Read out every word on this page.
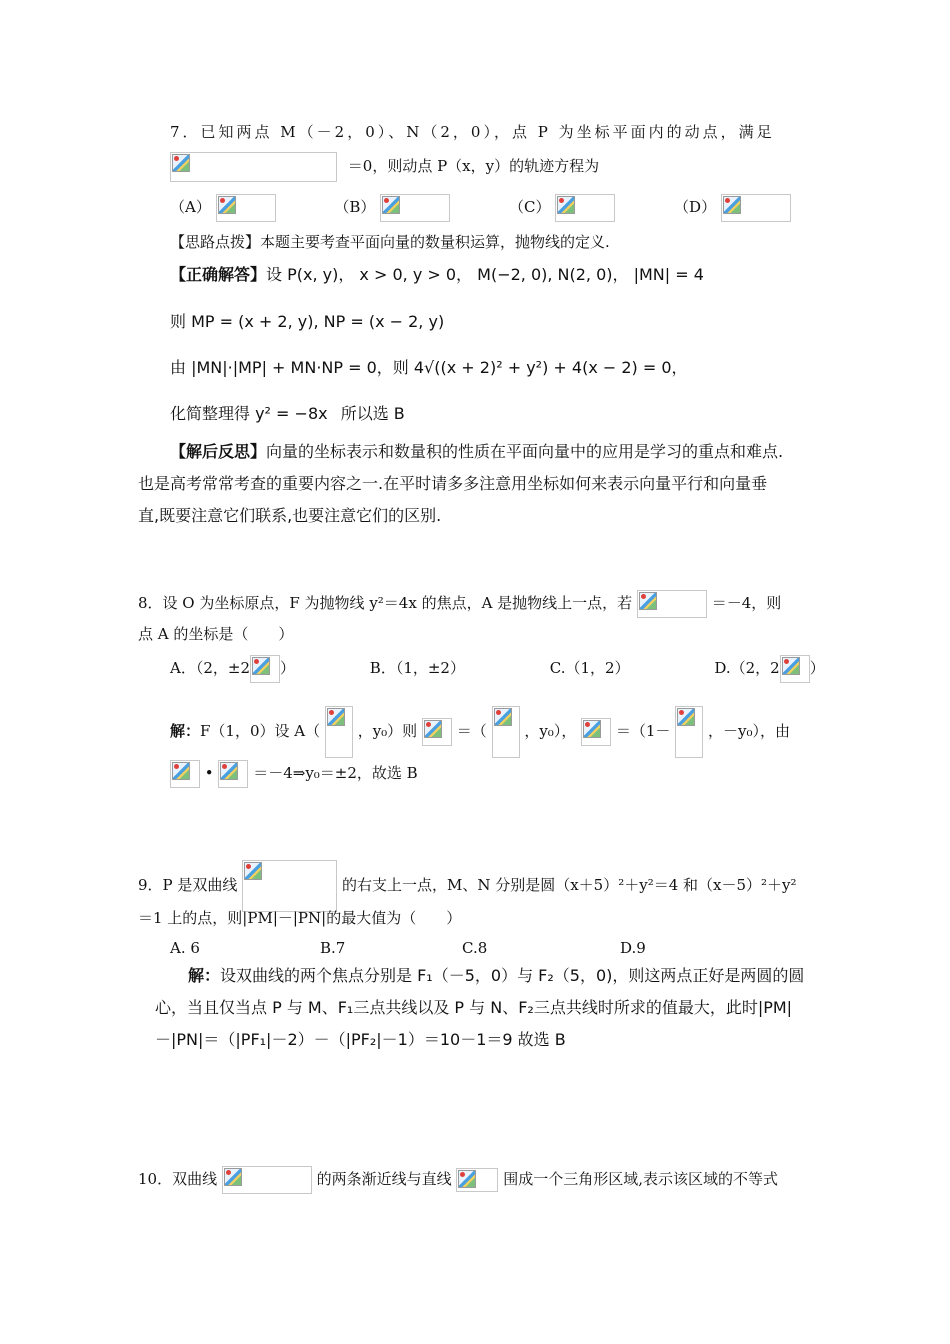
7．已知两点 M（－2，0）、N（2，0），点 P 为坐标平面内的动点，满足
＝0，则动点 P（x，y）的轨迹方程为
（A）	（B）	（C）	（D）
【思路点拨】本题主要考查平面向量的数量积运算，抛物线的定义.
【正确解答】设 P(x, y)， x > 0, y > 0， M(−2, 0), N(2, 0)， |MN| = 4
则 MP = (x + 2, y), NP = (x − 2, y)
由 |MN|·|MP| + MN·NP = 0，则 4√((x + 2)² + y²) + 4(x − 2) = 0，
化简整理得 y² = −8x 所以选 B
【解后反思】向量的坐标表示和数量积的性质在平面向量中的应用是学习的重点和难点.
也是高考常常考查的重要内容之一.在平时请多多注意用坐标如何来表示向量平行和向量垂
直,既要注意它们联系,也要注意它们的区别.
8．设 O 为坐标原点，F 为抛物线 y²＝4x 的焦点，A 是抛物线上一点，若	＝－4，则
点 A 的坐标是（　　）
A．（2，±2 ）	B．（1，±2）	C.（1，2）	D.（2，2 ）
解：F（1，0）设 A（	，y₀）则	＝（	，y₀），	＝（1－	，－y₀），由
•	＝－4⇒y₀＝±2，故选 B
9．P 是双曲线	的右支上一点，M、N 分别是圆（x＋5）²＋y²＝4 和（x－5）²＋y²
＝1 上的点，则|PM|－|PN|的最大值为（　　）
A. 6	B.7	C.8	D.9
解：设双曲线的两个焦点分别是 F₁（－5，0）与 F₂（5，0)，则这两点正好是两圆的圆
心，当且仅当点 P 与 M、F₁三点共线以及 P 与 N、F₂三点共线时所求的值最大，此时|PM|
－|PN|＝（|PF₁|－2）－（|PF₂|－1）＝10－1＝9 故选 B
10．双曲线	的两条渐近线与直线	围成一个三角形区域,表示该区域的不等式
